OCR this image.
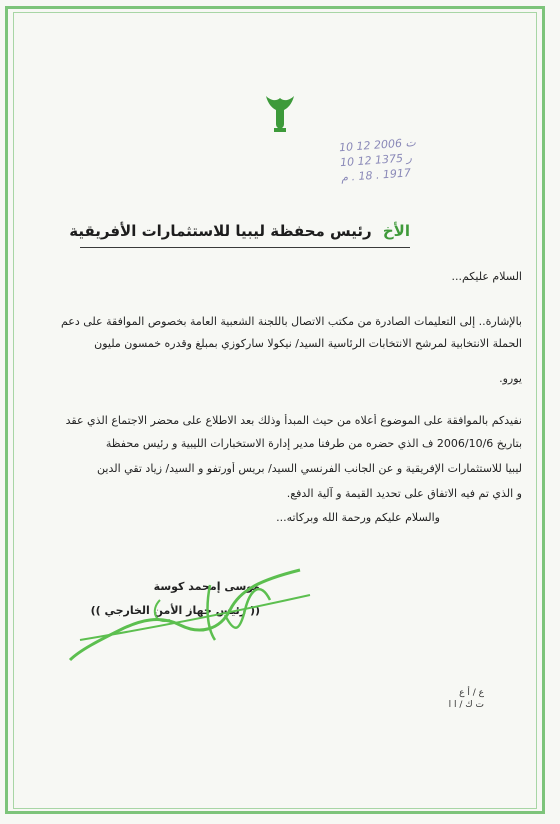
ت 2006 12 10
ر 1375 12 10
1917 . 18 . م
الأخ رئيس محفظة ليبيا للاستثمارات الأفريقية
السلام عليكم...
بالإشارة.. إلى التعليمات الصادرة من مكتب الاتصال باللجنة الشعبية العامة بخصوص الموافقة على دعم
الحملة الانتخابية لمرشح الانتخابات الرئاسية السيد/ نيكولا ساركوزي بمبلغ وقدره خمسون مليون
يورو.
نفيدكم بالموافقة على الموضوع أعلاه من حيث المبدأ وذلك بعد الاطلاع على محضر الاجتماع الذي عقد
بتاريخ 2006/10/6 ف الذي حضره من طرفنا مدير إدارة الاستخبارات الليبية و رئيس محفظة
ليبيا للاستثمارات الإفريقية و عن الجانب الفرنسي السيد/ بريس أورتفو و السيد/ زياد تقي الدين
و الذي تم فيه الاتفاق على تحديد القيمة و آلية الدفع.
والسلام عليكم ورحمة الله وبركاته...
موسى إمحمد كوسة
(( رئيس جهاز الأمن الخارجي ))
ع / أ ع
ت ك / ا ا
